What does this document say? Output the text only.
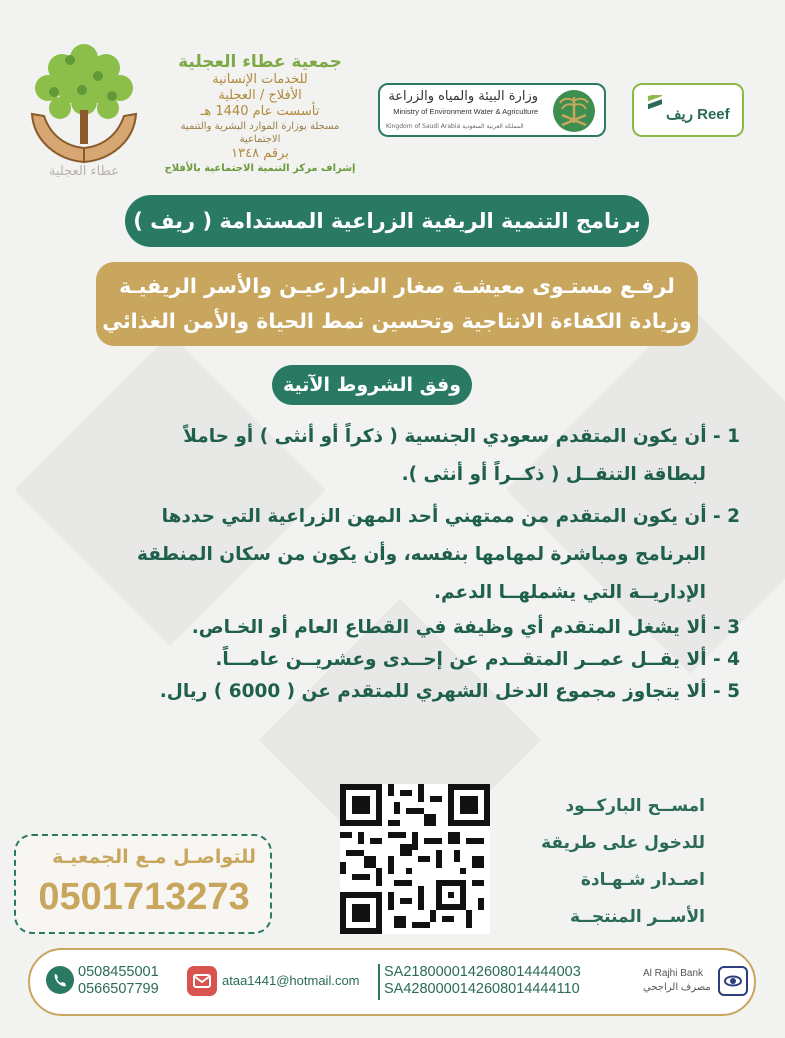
عطاء العجلية
جمعية عطاء العجلية
للخدمات الإنسانية
الأفلاج / العجلية
تأسست عام 1440 هـ
مسجلة بوزارة الموارد البشرية والتنمية الاجتماعية
برقم ١٣٤٨
إشراف مركز التنمية الاجتماعية بالأفلاج
وزارة البيئة والمياه والزراعة
Ministry of Environment Water & Agriculture
Kingdom of Saudi Arabia المملكة العربية السعودية
ريف Reef
برنامج التنمية الريفية الزراعية المستدامة ( ريف )
لرفـع مستـوى معيشـة صغار المزارعيـن والأسر الريفيـة
وزيادة الكفاءة الانتاجية وتحسين نمط الحياة والأمن الغذائي
وفق الشروط الآتية
1 - أن يكون المتقدم سعودي الجنسية ( ذكراً أو أنثى ) أو حاملاً
لبطاقة التنقــل ( ذكــراً أو أنثى ).
2 - أن يكون المتقدم من ممتهني أحد المهن الزراعية التي حددها
البرنامج ومباشرة لمهامها بنفسه، وأن يكون من سكان المنطقة
الإداريــة التي يشملهــا الدعم.
3 - ألا يشغل المتقدم أي وظيفة في القطاع العام أو الخـاص.
4 - ألا يقــل عمــر المتقــدم عن إحــدى وعشريــن عامـــاً.
5 - ألا يتجاوز مجموع الدخل الشهري للمتقدم عن ( 6000 ) ريال.
امســح الباركــود
للدخول على طريقة
اصـدار شـهـادة
الأســر المنتجــة
للتواصـل مـع الجمعيـة
0501713273
0508455001
0566507799
ataa1441@hotmail.com
SA2180000142608014444003
SA4280000142608014444110
Al Rajhi Bank
مصرف الراجحي
